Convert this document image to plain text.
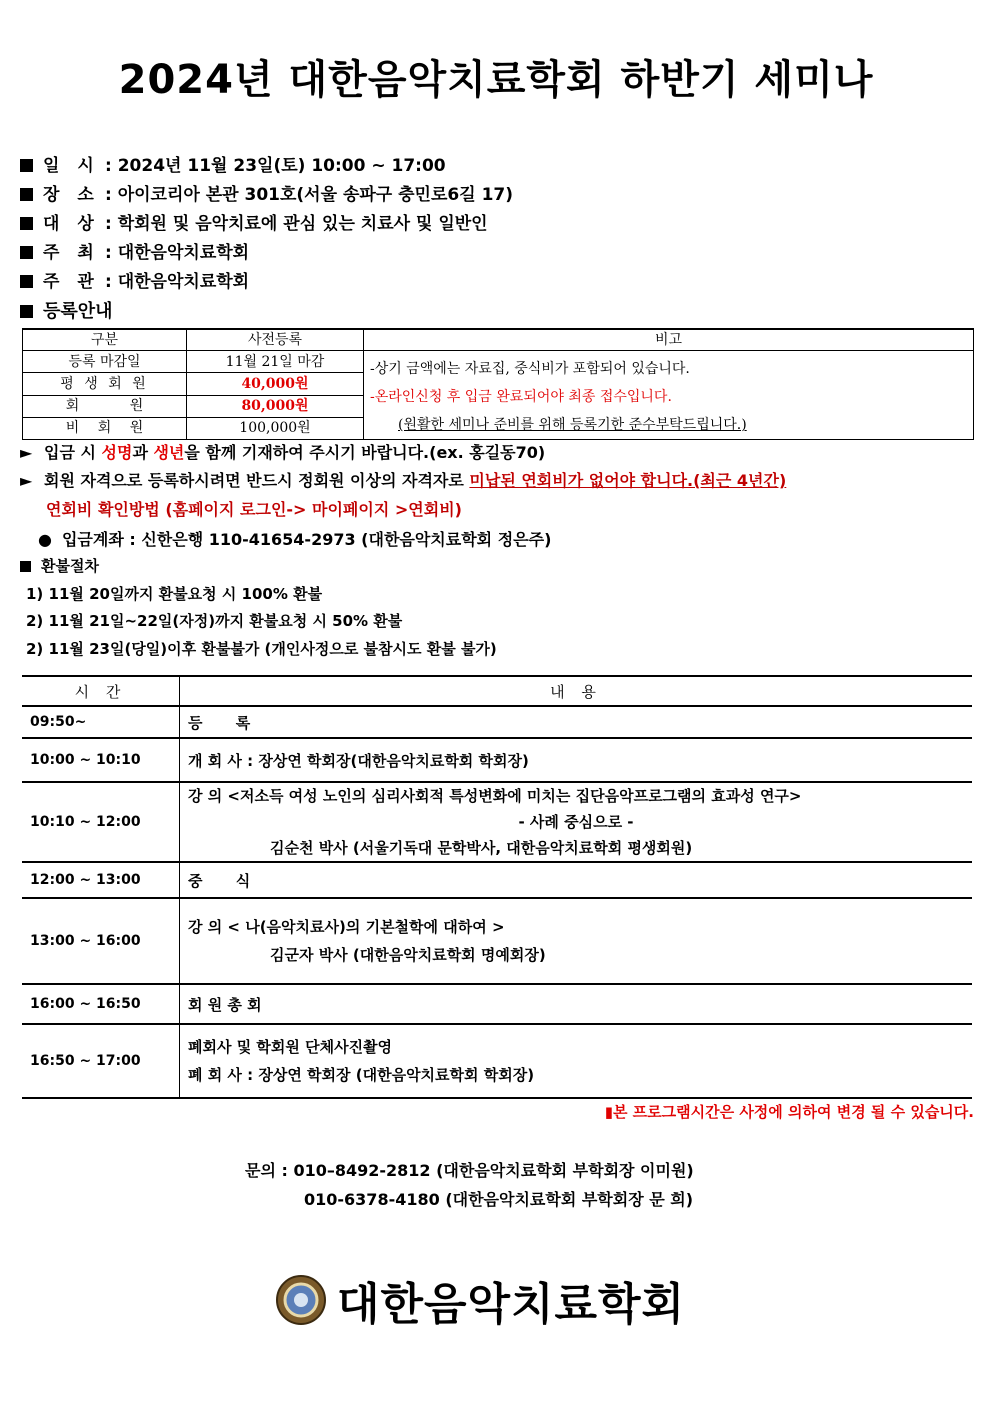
2024년 대한음악치료학회 하반기 세미나
일 시 : 2024년 11월 23일(토) 10:00 ~ 17:00
장 소 : 아이코리아 본관 301호(서울 송파구 충민로6길 17)
대 상 : 학회원 및 음악치료에 관심 있는 치료사 및 일반인
주 최 : 대한음악치료학회
주 관 : 대한음악치료학회
등록안내
구분	사전등록	비고
등록 마감일	11월 21일 마감	-상기 금액에는 자료집, 중식비가 포함되어 있습니다.
-온라인신청 후 입금 완료되어야 최종 접수입니다.
(원활한 세미나 준비를 위해 등록기한 준수부탁드립니다.)

평 생 회 원	40,000원	
회 원	80,000원	
비 회 원	100,000원	
► 입금 시 성명과 생년을 함께 기재하여 주시기 바랍니다.(ex. 홍길동70)
► 회원 자격으로 등록하시려면 반드시 정회원 이상의 자격자로 미납된 연회비가 없어야 합니다.(최근 4년간)
연회비 확인방법 (홈페이지 로그인-> 마이페이지 >연회비)
● 입금계좌 : 신한은행 110-41654-2973 (대한음악치료학회 정은주)
환불절차
1) 11월 20일까지 환불요청 시 100% 환불
2) 11월 21일~22일(자정)까지 환불요청 시 50% 환불
2) 11월 23일(당일)이후 환불불가 (개인사정으로 불참시도 환불 불가)
시 간	내 용
09:50~	등 록
10:00 ~ 10:10	개 회 사 : 장상연 학회장(대한음악치료학회 학회장)
10:10 ~ 12:00	강 의 <저소득 여성 노인의 심리사회적 특성변화에 미치는 집단음악프로그램의 효과성 연구>
- 사례 중심으로 -
김순천 박사 (서울기독대 문학박사, 대한음악치료학회 평생회원)

12:00 ~ 13:00	중 식
13:00 ~ 16:00	강 의 < 나(음악치료사)의 기본철학에 대하여 >
김군자 박사 (대한음악치료학회 명예회장)

16:00 ~ 16:50	회 원 총 회
16:50 ~ 17:00	폐회사 및 학회원 단체사진촬영
폐 회 사 : 장상연 학회장 (대한음악치료학회 학회장)
▮본 프로그램시간은 사정에 의하여 변경 될 수 있습니다.
문의 : 010–8492-2812 (대한음악치료학회 부학회장 이미원)
010-6378-4180 (대한음악치료학회 부학회장 문 희)
대한음악치료학회
